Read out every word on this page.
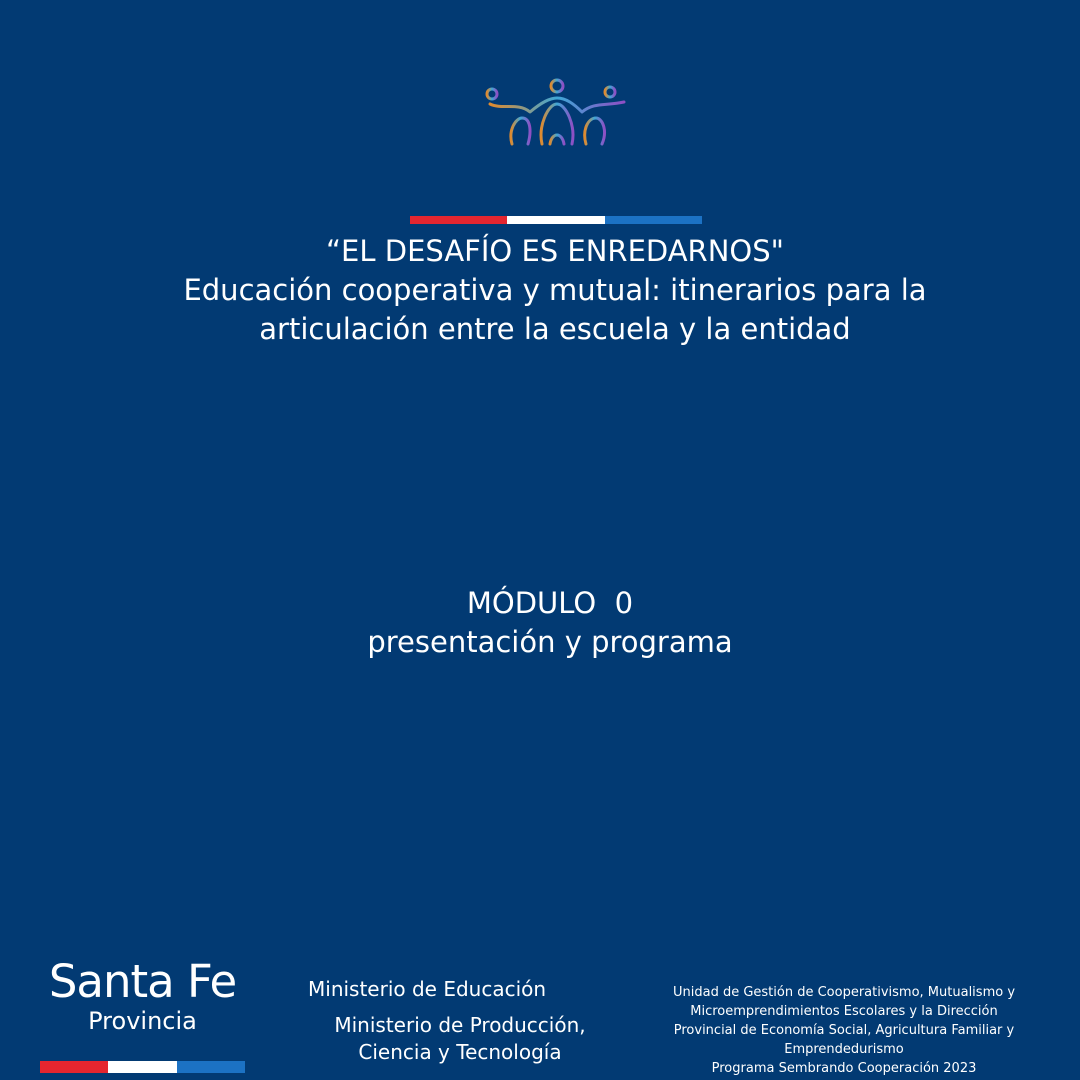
“EL DESAFÍO ES ENREDARNOS"
Educación cooperativa y mutual: itinerarios para la
articulación entre la escuela y la entidad
MÓDULO  0
presentación y programa
Santa Fe
Provincia
Ministerio de Educación
Ministerio de Producción,
Ciencia y Tecnología
Unidad de Gestión de Cooperativismo, Mutualismo y
Microemprendimientos Escolares y la Dirección
Provincial de Economía Social, Agricultura Familiar y
Emprendedurismo
Programa Sembrando Cooperación 2023
